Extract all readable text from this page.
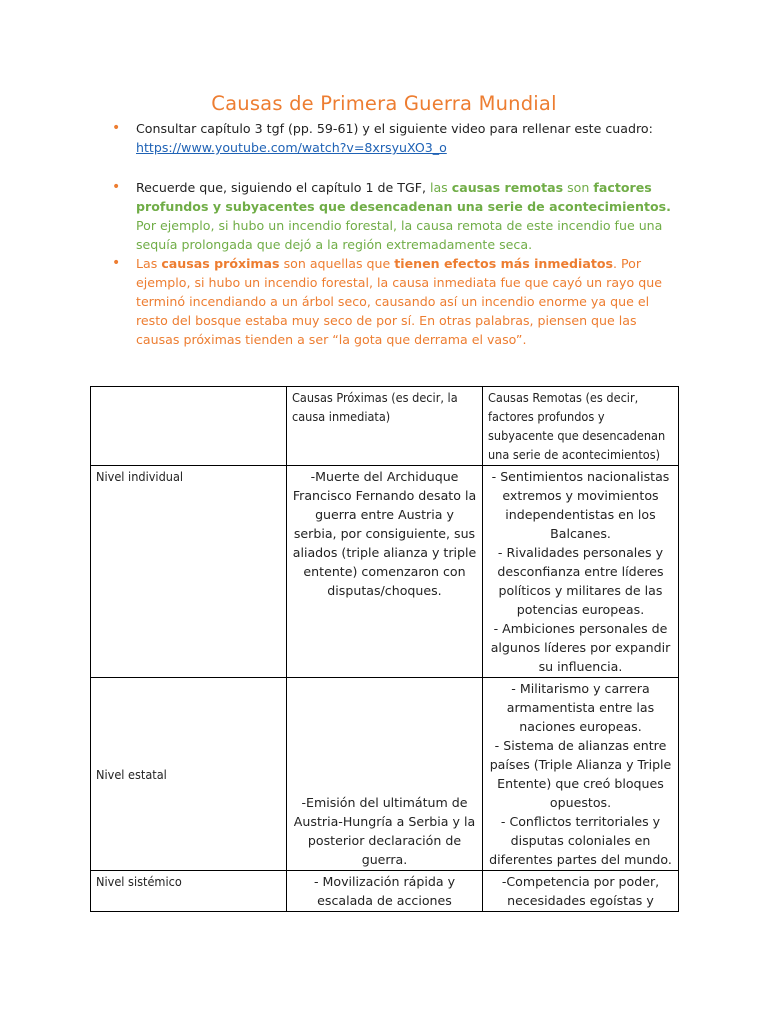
Causas de Primera Guerra Mundial
• Consultar capítulo 3 tgf (pp. 59-61) y el siguiente video para rellenar este cuadro:
https://www.youtube.com/watch?v=8xrsyuXO3_o
• Recuerde que, siguiendo el capítulo 1 de TGF, las causas remotas son factores profundos y subyacentes que desencadenan una serie de acontecimientos. Por ejemplo, si hubo un incendio forestal, la causa remota de este incendio fue una sequía prolongada que dejó a la región extremadamente seca.
• Las causas próximas son aquellas que tienen efectos más inmediatos. Por ejemplo, si hubo un incendio forestal, la causa inmediata fue que cayó un rayo que terminó incendiando a un árbol seco, causando así un incendio enorme ya que el resto del bosque estaba muy seco de por sí. En otras palabras, piensen que las causas próximas tienden a ser “la gota que derrama el vaso”.
	Causas Próximas (es decir, la causa inmediata)	Causas Remotas (es decir, factores profundos y subyacente que desencadenan una serie de acontecimientos)
Nivel individual	-Muerte del Archiduque Francisco Fernando desato la guerra entre Austria y serbia, por consiguiente, sus aliados (triple alianza y triple entente) comenzaron con disputas/choques.	- Sentimientos nacionalistas extremos y movimientos independentistas en los Balcanes.
- Rivalidades personales y desconfianza entre líderes políticos y militares de las potencias europeas.
- Ambiciones personales de algunos líderes por expandir su influencia.
Nivel estatal	-Emisión del ultimátum de Austria-Hungría a Serbia y la posterior declaración de guerra.	- Militarismo y carrera armamentista entre las naciones europeas.
- Sistema de alianzas entre países (Triple Alianza y Triple Entente) que creó bloques opuestos.
- Conflictos territoriales y disputas coloniales en diferentes partes del mundo.
Nivel sistémico	- Movilización rápida y escalada de acciones	-Competencia por poder, necesidades egoístas y
